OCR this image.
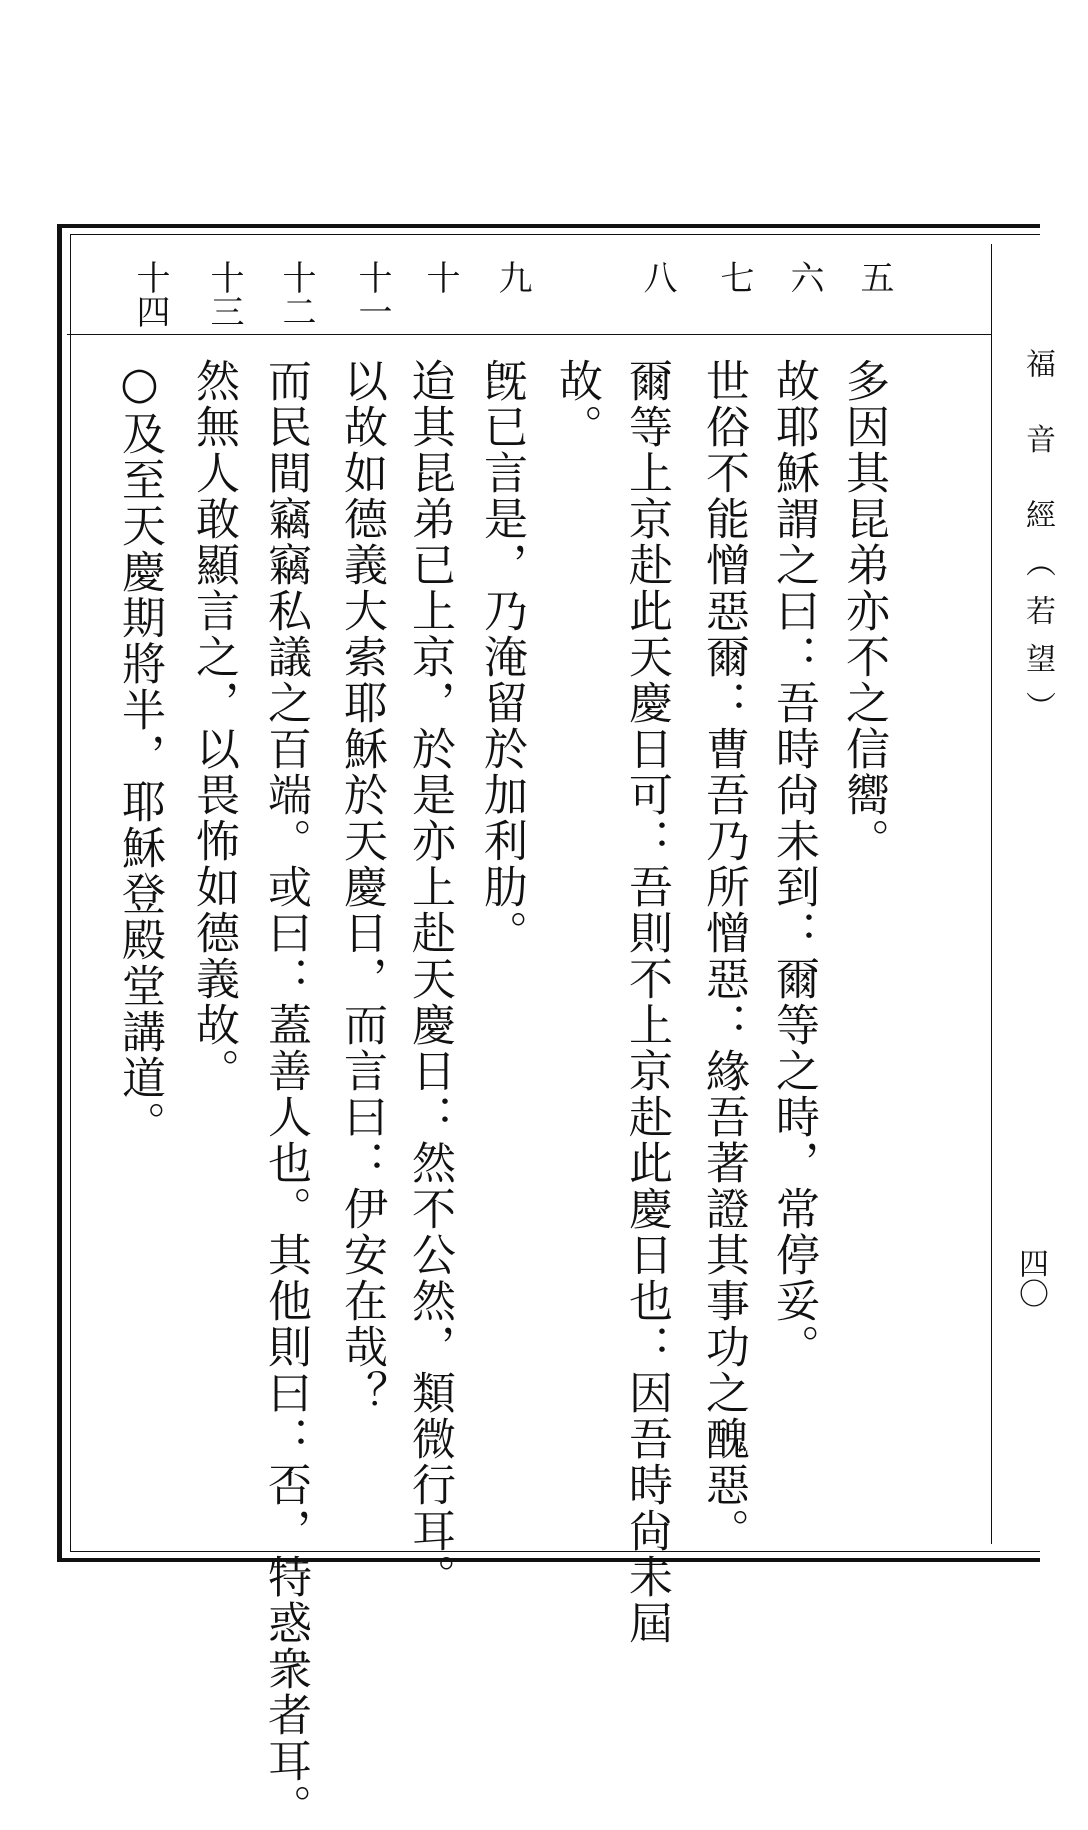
福 音 經（若望）
四〇
五
六
七
八
九
十
十一
十二
十三
十四
多因其昆弟亦不之信嚮。
故耶穌謂之曰：吾時尙未到：爾等之時，常停妥。
世俗不能憎惡爾：曹吾乃所憎惡：緣吾著證其事功之醜惡。
爾等上京赴此天慶日可：吾則不上京赴此慶日也：因吾時尙未屆
故。
旣已言是，乃淹留於加利肋。
迨其昆弟已上京，於是亦上赴天慶日：然不公然，類微行耳。
以故如德義大索耶穌於天慶日，而言曰：伊安在哉？
而民間竊竊私議之百端。或曰：蓋善人也。其他則曰：否，特惑衆者耳。
然無人敢顯言之，以畏怖如德義故。
○及至天慶期將半，耶穌登殿堂講道。
